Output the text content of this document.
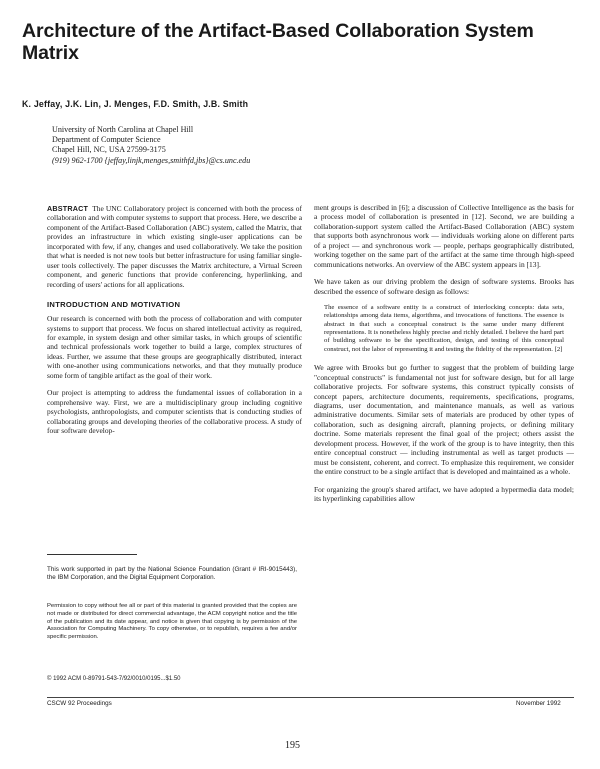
Architecture of the Artifact-Based Collaboration System Matrix
K. Jeffay, J.K. Lin, J. Menges, F.D. Smith, J.B. Smith
University of North Carolina at Chapel Hill
Department of Computer Science
Chapel Hill, NC, USA 27599-3175
(919) 962-1700 {jeffay,linjk,menges,smithfd,jbs}@cs.unc.edu

ABSTRACT The UNC Collaboratory project is concerned with both the process of collaboration and with computer systems to support that process. Here, we describe a component of the Artifact-Based Collaboration (ABC) system, called the Matrix, that provides an infrastructure in which existing single-user applications can be incorporated with few, if any, changes and used collaboratively. We take the position that what is needed is not new tools but better infrastructure for using familiar single-user tools collectively. The paper discusses the Matrix architecture, a Virtual Screen component, and generic functions that provide conferencing, hyperlinking, and recording of users' actions for all applications.

INTRODUCTION AND MOTIVATION

Our research is concerned with both the process of collaboration and with computer systems to support that process. We focus on shared intellectual activity as required, for example, in system design and other similar tasks, in which groups of scientific and technical professionals work together to build a large, complex structures of ideas. Further, we assume that these groups are geographically distributed, interact with one-another using communications networks, and that they mutually produce some form of tangible artifact as the goal of their work.

Our project is attempting to address the fundamental issues of collaboration in a comprehensive way. First, we are a multidisciplinary group including cognitive psychologists, anthropologists, and computer scientists that is conducting studies of collaborating groups and developing theories of the collaborative process. A study of four software develop-

This work supported in part by the National Science Foundation (Grant # IRI-9015443), the IBM Corporation, and the Digital Equipment Corporation.

Permission to copy without fee all or part of this material is granted provided that the copies are not made or distributed for direct commercial advantage, the ACM copyright notice and the title of the publication and its date appear, and notice is given that copying is by permission of the Association for Computing Machinery. To copy otherwise, or to republish, requires a fee and/or specific permission.

© 1992 ACM 0-89791-543-7/92/0010/0195...$1.50

ment groups is described in [6]; a discussion of Collective Intelligence as the basis for a process model of collaboration is presented in [12]. Second, we are building a collaboration-support system called the Artifact-Based Collaboration (ABC) system that supports both asynchronous work — individuals working alone on different parts of a project — and synchronous work — people, perhaps geographically distributed, working together on the same part of the artifact at the same time through high-speed communications networks. An overview of the ABC system appears in [13].

We have taken as our driving problem the design of software systems. Brooks has described the essence of software design as follows:

The essence of a software entity is a construct of interlocking concepts: data sets, relationships among data items, algorithms, and invocations of functions. The essence is abstract in that such a conceptual construct is the same under many different representations. It is nonetheless highly precise and richly detailed. I believe the hard part of building software to be the specification, design, and testing of this conceptual construct, not the labor of representing it and testing the fidelity of the representation. [2]

We agree with Brooks but go further to suggest that the problem of building large "conceptual constructs" is fundamental not just for software design, but for all large collaborative projects. For software systems, this construct typically consists of concept papers, architecture documents, requirements, specifications, programs, diagrams, user documentation, and maintenance manuals, as well as various administrative documents. Similar sets of materials are produced by other types of collaboration, such as designing aircraft, planning projects, or defining military doctrine. Some materials represent the final goal of the project; others assist the development process. However, if the work of the group is to have integrity, then this entire conceptual construct — including instrumental as well as target products — must be consistent, coherent, and correct. To emphasize this requirement, we consider the entire construct to be a single artifact that is developed and maintained as a whole.

For organizing the group's shared artifact, we have adopted a hypermedia data model; its hyperlinking capabilities allow

CSCW 92 Proceedings	November 1992
195
